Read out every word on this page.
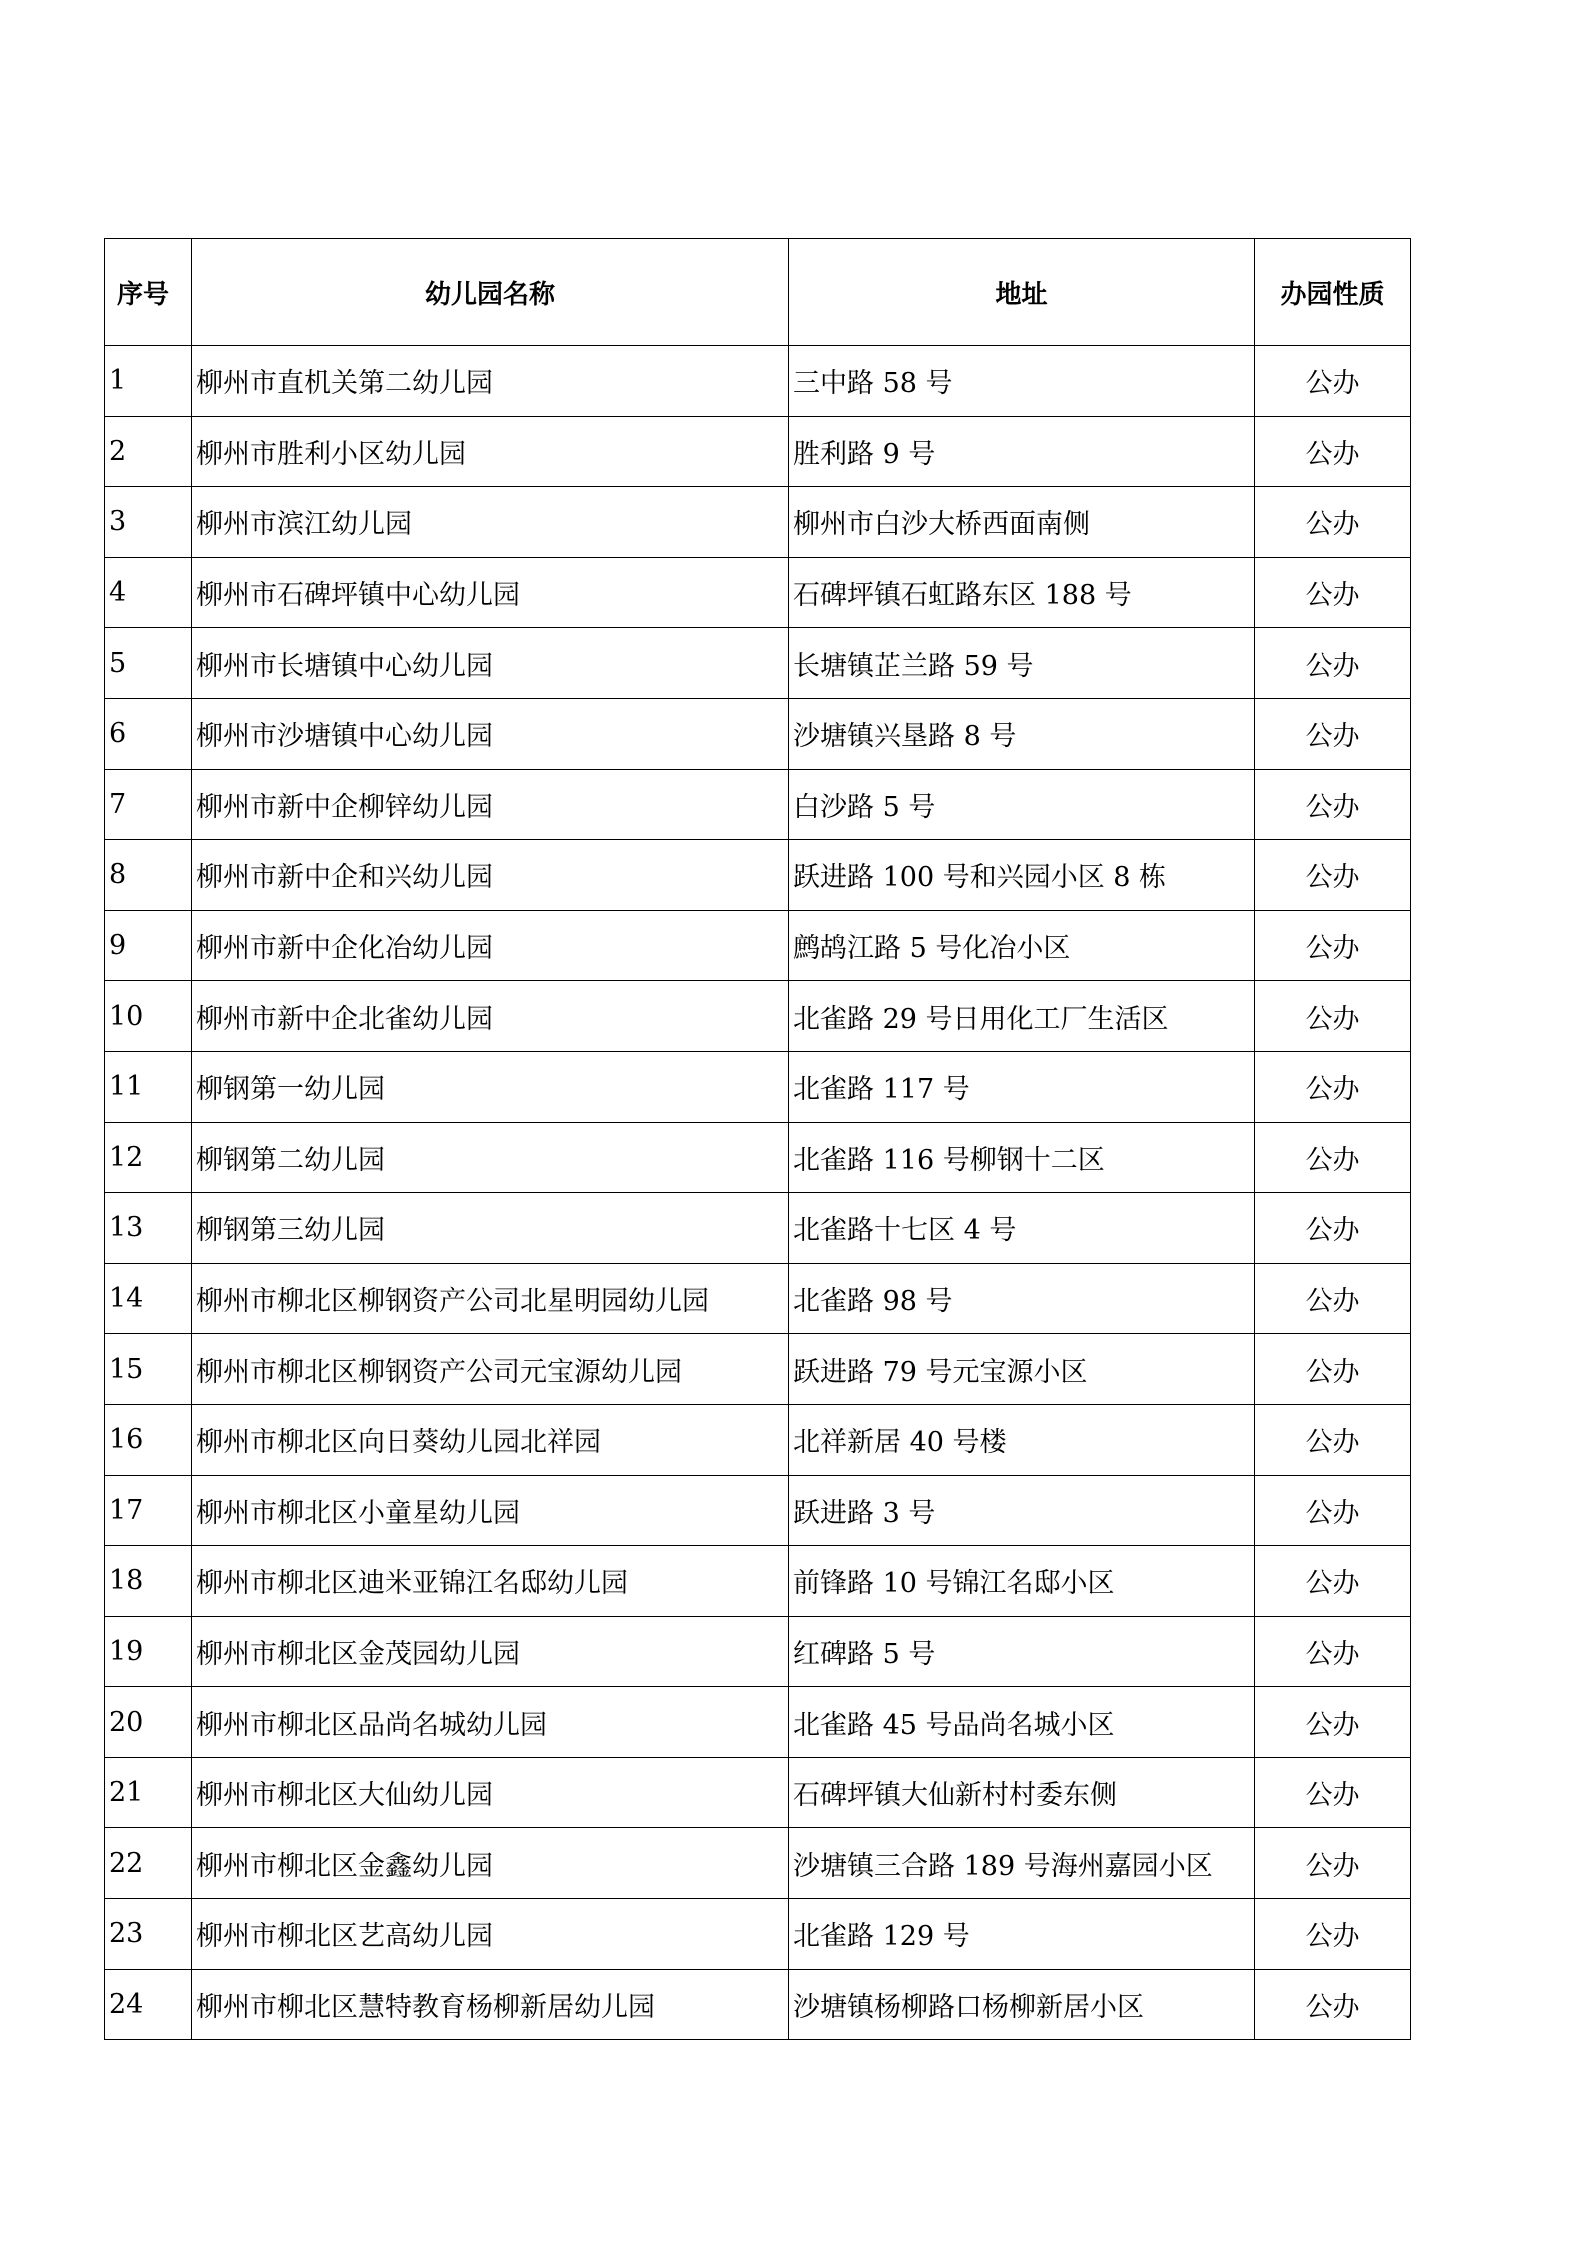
序号	幼儿园名称	地址	办园性质
1	柳州市直机关第二幼儿园	三中路 58 号	公办
2	柳州市胜利小区幼儿园	胜利路 9 号	公办
3	柳州市滨江幼儿园	柳州市白沙大桥西面南侧	公办
4	柳州市石碑坪镇中心幼儿园	石碑坪镇石虹路东区 188 号	公办
5	柳州市长塘镇中心幼儿园	长塘镇芷兰路 59 号	公办
6	柳州市沙塘镇中心幼儿园	沙塘镇兴垦路 8 号	公办
7	柳州市新中企柳锌幼儿园	白沙路 5 号	公办
8	柳州市新中企和兴幼儿园	跃进路 100 号和兴园小区 8 栋	公办
9	柳州市新中企化冶幼儿园	鹧鸪江路 5 号化冶小区	公办
10	柳州市新中企北雀幼儿园	北雀路 29 号日用化工厂生活区	公办
11	柳钢第一幼儿园	北雀路 117 号	公办
12	柳钢第二幼儿园	北雀路 116 号柳钢十二区	公办
13	柳钢第三幼儿园	北雀路十七区 4 号	公办
14	柳州市柳北区柳钢资产公司北星明园幼儿园	北雀路 98 号	公办
15	柳州市柳北区柳钢资产公司元宝源幼儿园	跃进路 79 号元宝源小区	公办
16	柳州市柳北区向日葵幼儿园北祥园	北祥新居 40 号楼	公办
17	柳州市柳北区小童星幼儿园	跃进路 3 号	公办
18	柳州市柳北区迪米亚锦江名邸幼儿园	前锋路 10 号锦江名邸小区	公办
19	柳州市柳北区金茂园幼儿园	红碑路 5 号	公办
20	柳州市柳北区品尚名城幼儿园	北雀路 45 号品尚名城小区	公办
21	柳州市柳北区大仙幼儿园	石碑坪镇大仙新村村委东侧	公办
22	柳州市柳北区金鑫幼儿园	沙塘镇三合路 189 号海州嘉园小区	公办
23	柳州市柳北区艺高幼儿园	北雀路 129 号	公办
24	柳州市柳北区慧特教育杨柳新居幼儿园	沙塘镇杨柳路口杨柳新居小区	公办
